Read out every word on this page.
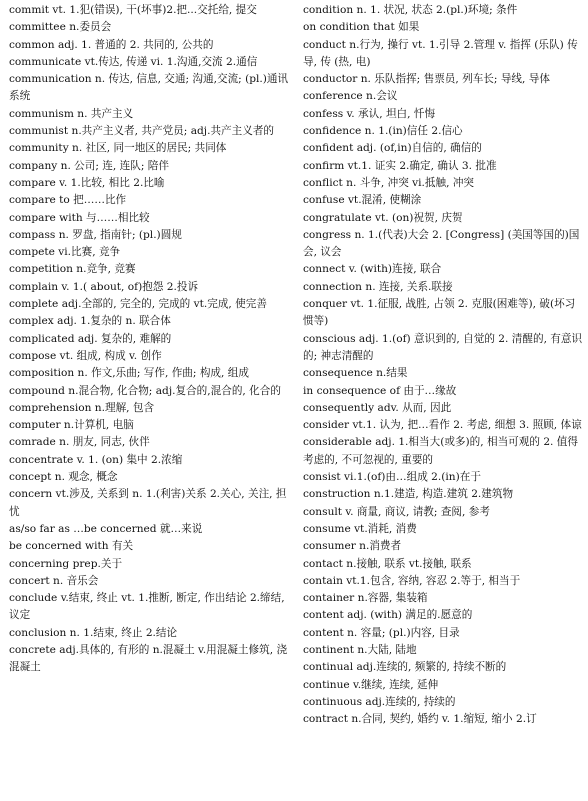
commit vt. 1.犯(错误), 干(坏事)2.把...交托给, 提交
committee n.委员会
common adj. 1. 普通的 2. 共同的, 公共的
communicate vt.传达, 传递 vi. 1.沟通,交流 2.通信
communication n. 传达, 信息, 交通; 沟通,交流; (pl.)通讯系统
communism n. 共产主义
communist n.共产主义者, 共产党员; adj.共产主义者的
community n. 社区, 同一地区的居民; 共同体
company n. 公司; 连, 连队; 陪伴
compare v. 1.比较, 相比 2.比喻
compare to 把……比作
compare with 与……相比较
compass n. 罗盘, 指南针; (pl.)圆规
compete vi.比赛, 竞争
competition n.竞争, 竞赛
complain v. 1.( about, of)抱怨 2.投诉
complete adj.全部的, 完全的, 完成的 vt.完成, 使完善
complex adj. 1.复杂的 n. 联合体
complicated adj. 复杂的, 难解的
compose vt. 组成, 构成 v. 创作
composition n. 作文,乐曲; 写作, 作曲; 构成, 组成
compound n.混合物, 化合物; adj.复合的,混合的, 化合的
comprehension n.理解, 包含
computer n.计算机, 电脑
comrade n. 朋友, 同志, 伙伴
concentrate v. 1. (on) 集中 2.浓缩
concept n. 观念, 概念
concern vt.涉及, 关系到 n. 1.(利害)关系 2.关心, 关注, 担忧
as/so far as …be concerned 就…来说
be concerned with 有关
concerning prep.关于
concert n. 音乐会
conclude v.结束, 终止 vt. 1.推断, 断定, 作出结论 2.缔结, 议定
conclusion n. 1.结束, 终止 2.结论
concrete adj.具体的, 有形的 n.混凝土 v.用混凝土修筑, 浇混凝土
condition n. 1. 状况, 状态 2.(pl.)环境; 条件
on condition that 如果
conduct n.行为, 操行 vt. 1.引导 2.管理 v. 指挥 (乐队) 传导, 传 (热, 电)
conductor n. 乐队指挥; 售票员, 列车长; 导线, 导体
conference n.会议
confess v. 承认, 坦白, 忏悔
confidence n. 1.(in)信任 2.信心
confident adj. (of,in)自信的, 确信的
confirm vt.1. 证实 2.确定, 确认 3. 批准
conflict n. 斗争, 冲突 vi.抵触, 冲突
confuse vt.混淆, 使糊涂
congratulate vt. (on)祝贺, 庆贺
congress n. 1.(代表)大会 2. [Congress] (美国等国的)国会, 议会
connect v. (with)连接, 联合
connection n. 连接, 关系.联接
conquer vt. 1.征服, 战胜, 占领 2. 克服(困难等), 破(坏习惯等)
conscious adj. 1.(of) 意识到的, 自觉的 2. 清醒的, 有意识的; 神志清醒的
consequence n.结果
in consequence of 由于…缘故
consequently adv. 从而, 因此
consider vt.1. 认为, 把…看作 2. 考虑, 细想 3. 照顾, 体谅
considerable adj. 1.相当大(或多)的, 相当可观的 2. 值得考虑的, 不可忽视的, 重要的
consist vi.1.(of)由…组成 2.(in)在于
construction n.1.建造, 构造.建筑 2.建筑物
consult v. 商量, 商议, 请教; 查阅, 参考
consume vt.消耗, 消费
consumer n.消费者
contact n.接触, 联系 vt.接触, 联系
contain vt.1.包含, 容纳, 容忍 2.等于, 相当于
container n.容器, 集装箱
content adj. (with) 满足的.愿意的
content n. 容量; (pl.)内容, 目录
continent n.大陆, 陆地
continual adj.连续的, 频繁的, 持续不断的
continue v.继续, 连续, 延伸
continuous adj.连续的, 持续的
contract n.合同, 契约, 婚约 v. 1.缩短, 缩小 2.订
